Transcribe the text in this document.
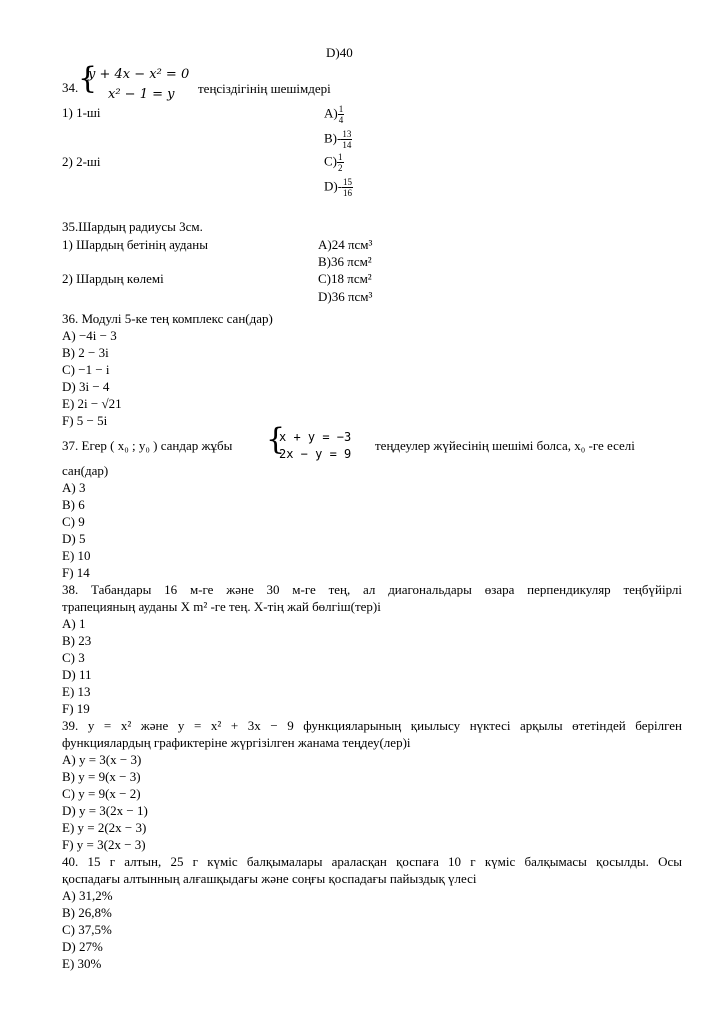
D)40
34. {
y + 4x − x² = 0
x² − 1 = y теңсіздігінің шешімдері
1) 1-ші
2) 2-ші
$A) \frac{1}{4}$
$B)- \frac{13}{14}$
$C) \frac{1}{2}$
$D)- \frac{15}{16}$
35.Шардың радиусы 3см.
1) Шардың бетінің ауданы
2) Шардың көлемі
A)24 πсм³
B)36 πсм²
C)18 πсм²
D)36 πсм³
36. Модулі 5-ке тең комплекс сан(дар)
A) −4i − 3
B) 2 − 3i
C) −1 − i
D) 3i − 4
E) 2i − √21
F) 5 − 5i
37. Егер ( x₀ ; y₀ ) сандар жұбы {
x + y = −3
2x − y = 9
теңдеулер жүйесінің шешімі болса, x₀ -ге еселі
сан(дар)
A) 3
B) 6
C) 9
D) 5
E) 10
F) 14
38. Табандары 16 м-ге және 30 м-ге тең, ал диагональдары өзара перпендикуляр теңбүйірлі
трапецияның ауданы X m² -ге тең. X-тің жай бөлгіш(тер)і
A) 1
B) 23
C) 3
D) 11
E) 13
F) 19
39. y = x² және y = x² + 3x − 9 функцияларының қиылысу нүктесі арқылы өтетіндей берілген
функциялардың графиктеріне жүргізілген жанама теңдеу(лер)і
A) y = 3(x − 3)
B) y = 9(x − 3)
C) y = 9(x − 2)
D) y = 3(2x − 1)
E) y = 2(2x − 3)
F) y = 3(2x − 3)
40. 15 г алтын, 25 г күміс балқымалары араласқан қоспаға 10 г күміс балқымасы қосылды. Осы
қоспадағы алтынның алғашқыдағы және соңғы қоспадағы пайыздық үлесі
A) 31,2%
B) 26,8%
C) 37,5%
D) 27%
E) 30%
